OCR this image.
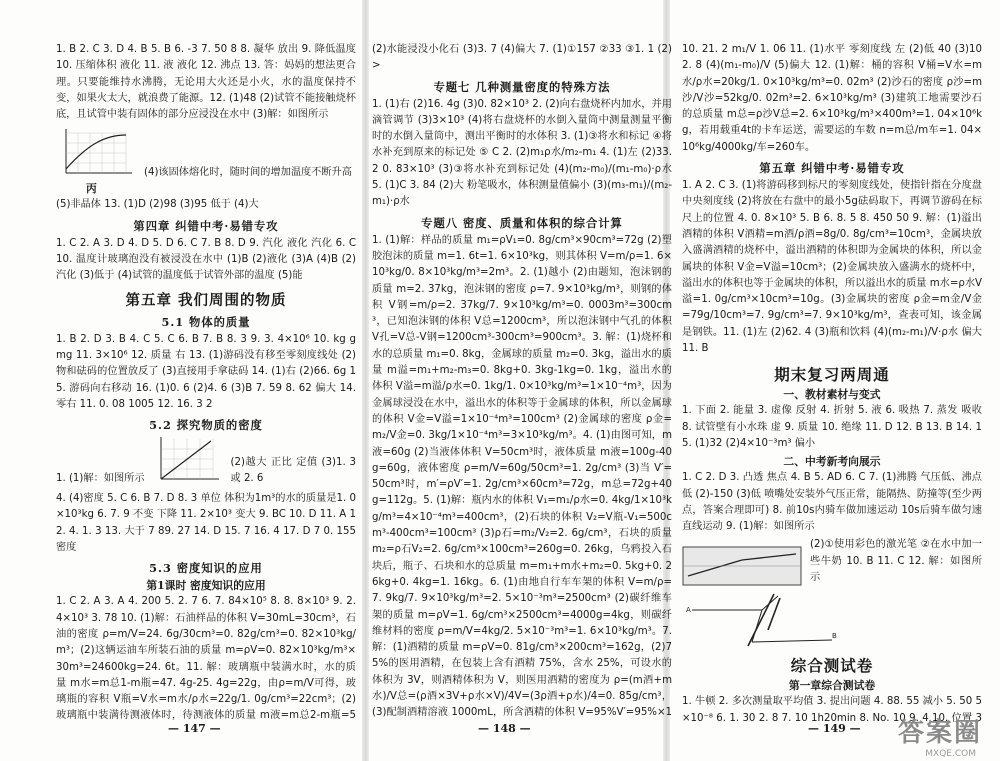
1. B 2. C 3. D 4. B 5. B 6. -3 7. 50 8 8. 凝华 放出 9. 降低温度 10. 压缩体积 液化 11. 液 液化 12. 沸点 13. 答：妈妈的想法更合理。只要能维持水沸腾，无论用大火还是小火，水的温度保持不变，如果火太大，就浪费了能源。12. (1)48 (2)试管不能接触烧杯底，且试管中装有固体的部分应浸没在水中 (3)解：如图所示

(4)该固体熔化时，随时间的增加温度不断升高
丙

(5)非晶体 13. (1)D (2)98 (3)95 低于 (4)大

第四章 纠错中考·易错专攻

1. C 2. A 3. D 4. D 5. D 6. C 7. B 8. D 9. 汽化 液化 汽化 6. C 10. 温度计玻璃泡没有被浸没在水中 (1)B (2)液化 (3)A (4)B (2)汽化 (3)低于 (4)试管的温度低于试管外部的温度 (5)能

第五章 我们周围的物质
5.1 物体的质量

1. B 2. D 3. B 4. C 5. C 6. B 7. B 8. 3 9. 3. 4×10⁶ 10. kg g mg 11. 3×10⁶ 12. 质量 右 13. (1)游码没有移至零刻度线处 (2)物和砝码的位置放反了 (3)直接用手拿砝码 14. (1)右 (2)66. 6g 15. 游码向右移动 16. (1)0. 6 (2)4. 6 (3)B 7. 59 8. 62 偏大 14. 零右 11. 0. 08 1005 12. 16. 3 2

5.2 探究物质的密度
1. (1)解：如图所示
(2)越大 正比 定值 (3)1. 3 或 2. 6

4. (4)密度 5. C 6. B 7. D 8. 3 单位 体积为1m³的水的质量是1. 0×10³kg 6. 7. 9 不变 下降 11. 2×10³ 变大 9. BC 10. D 11. A 12. 4. 1. 3 13. 大于 7 89. 27 14. D 15. 7 16. 4 17. D 7 0. 155 密度

5.3 密度知识的应用
第1课时 密度知识的应用

1. C 2. A 3. A 4. 200 5. 2. 7 6. 7. 84×10⁵ 8. 8. 8×10³ 9. 2. 4×10³ 3. 78 10. (1)解：石油样品的体积 V=30mL=30cm³，石油的密度 ρ=m/V=24. 6g/30cm³=0. 82g/cm³=0. 82×10³kg/m³；(2)这辆运油车所装石油的质量 m=ρV=0. 82×10³kg/m³×30m³=24600kg=24. 6t。11. 解：玻璃瓶中装满水时，水的质量 m水=m总1-m瓶=47. 4g-25. 4g=22g，由ρ=m/V可得，玻璃瓶的容积 V瓶=V水=m水/ρ水=22g/1. 0g/cm³=22cm³；(2)玻璃瓶中装满待测液体时，待测液体的质量 m液=m总2-m瓶=5

— 147 —

(2)水能浸没小化石 (3)3. 7 (4)偏大 7. (1)①157 ②33 ③1. 1 (2)>

专题七 几种测量密度的特殊方法

1. (1)右 (2)16. 4g (3)0. 82×10³ 2. (2)向右盘烧杯内加水，并用滴管调节 (3)3×10³ (4)将右盘烧杯的水倒入量筒中测量测量平衡时的水倒入量筒中，测出平衡时的水体积 3. (1)③将水和标记 ④将水补充到原来的标记处 ⑤ C 2. (2)m₁ρ水/m₂-m₁ 4. (1)左 (2)33. 2 0. 83×10³ (3)③将水补充到标记处 (4)(m₂-m₀)/(m₁-m₀)·ρ水 5. (1)C 3. 84 (2)大 粉笔吸水，体积测量值偏小 (3)(m₃-m₁)/(m₂-m₁)·ρ水

专题八 密度、质量和体积的综合计算

1. (1)解：样品的质量 m₁=ρV₁=0. 8g/cm³×90cm³=72g (2)塑胶泡沫的质量 m=1. 6t=1. 6×10³kg，则其体积 V=m/ρ=1. 6×10³kg/0. 8×10³kg/m³=2m³。2. (1)越小 (2)由题知，泡沫钢的质量 m=2. 37kg，泡沫钢的密度 ρ=7. 9×10³kg/m³，则钢的体积 V钢=m/ρ=2. 37kg/7. 9×10³kg/m³=0. 0003m³=300cm³，已知泡沫钢的体积 V总=1200cm³，所以泡沫钢中气孔的体积 V孔=V总-V钢=1200cm³-300cm³=900cm³。3. 解：(1)烧杯和水的总质量 m₁=0. 8kg，金属球的质量 m₂=0. 3kg，溢出水的质量 m溢=m₁+m₂-m₃=0. 8kg+0. 3kg-1kg=0. 1kg，溢出水的体积 V溢=m溢/ρ水=0. 1kg/1. 0×10³kg/m³=1×10⁻⁴m³，因为金属球浸没在水中，溢出水的体积等于金属球的体积，所以金属球的体积 V金=V溢=1×10⁻⁴m³=100cm³ (2)金属球的密度 ρ金=m₂/V金=0. 3kg/1×10⁻⁴m³=3×10³kg/m³。4. (1)由图可知，m液=60g (2)当液体体积 V=50cm³时，液体质量 m液=100g-40g=60g，液体密度 ρ=m/V=60g/50cm³=1. 2g/cm³ (3)当 V′=50cm³时，m′=ρV′=1. 2g/cm³×60cm³=72g，m总=72g+40g=112g。5. (1)解：瓶内水的体积 V₁=m₁/ρ水=0. 4kg/1×10³kg/m³=4×10⁻⁴m³=400cm³，(2)石块的体积 V₂=V瓶-V₁=500cm³-400cm³=100cm³ (3)ρ石=m₂/V₂=2. 6g/cm³，石块的质量 m₂=ρ石V₂=2. 6g/cm³×100cm³=260g=0. 26kg，乌鸦投入石块后，瓶子、石块和水的总质量 m=m₁+m水+m₂=0. 5kg+0. 26kg+0. 4kg=1. 16kg。6. (1)由地自行车车架的体积 V=m/ρ=7. 9kg/7. 9×10³kg/m³=2. 5×10⁻³m³=2500cm³ (2)碳纤维车架的质量 m=ρV=1. 6g/cm³×2500cm³=4000g=4kg，则碳纤维材料的密度 ρ=m/V=4kg/2. 5×10⁻³m³=1. 6×10³kg/m³。7. 解：(1)酒精的质量 m=ρV=0. 81g/cm³×200cm³=162g，(2)75%的医用酒精，在包装上含有酒精 75%，含水 25%，可设水的体积为 3V，则酒精体积为 V，则医用酒精的密度为 ρ=(m酒+m水)/V总=(ρ酒×3V+ρ水×V)/4V=(3ρ酒+ρ水)/4=0. 85g/cm³，(3)配制酒精溶液 1000mL，所含酒精的体积 V=95%V′=95%×1

— 148 —

10. 21. 2 m₁/V 1. 06 11. (1)水平 零刻度线 左 (2)低 40 (3)102. 8 (4)(m₁-m₀)/V (5)偏大 12. (1)解：桶的容积 V桶=V水=m水/ρ水=20kg/1. 0×10³kg/m³=0. 02m³ (2)沙石的密度 ρ沙=m沙/V沙=52kg/0. 02m³=2. 6×10³kg/m³ (3)建筑工地需要沙石的总质量 m总=ρ沙V总=2. 6×10³kg/m³×400m³=1. 04×10⁶kg，若用载重4t的卡车运送，需要运的车数 n=m总/m车=1. 04×10⁶kg/4000kg/车=260车。

第五章 纠错中考·易错专攻

1. A 2. C 3. (1)将游码移到标尺的零刻度线处，使指针指在分度盘中央刻度线 (2)将放在右盘中的最小5g砝码取下，再调节游码在标尺上的位置 4. 0. 8×10³ 5. B 6. 8. 5 8. 450 50 9. 解：(1)溢出酒精的体积 V酒精=m酒/ρ酒=8g/0. 8g/cm³=10cm³，金属块放入盛满酒精的烧杯中，溢出酒精的体积即为金属块的体积，所以金属块的体积 V金=V溢=10cm³；(2)金属块放入盛满水的烧杯中，溢出水的体积也等于金属块的体积，所以溢出水的质量 m水=ρ水V溢=1. 0g/cm³×10cm³=10g。(3)金属块的密度 ρ金=m金/V金=79g/10cm³=7. 9g/cm³=7. 9×10³kg/m³，查表可知，该金属是钢铁。11. (1)左 (2)62. 4 (3)瓶和饮料 (4)(m₂-m₁)/V·ρ水 偏大 11. B

期末复习两周通
一、教材素材与变式

1. 下面 2. 能量 3. 虚像 反射 4. 折射 5. 液 6. 吸热 7. 蒸发 吸收 8. 试管壁有小水珠 虚 9. 质量 10. 绝缘 11. D 12. B 13. B 14. 15. (1)32 (2)4×10⁻³m³ 偏小

二、中考新考向展示

1. C 2. D 3. 凸透 焦点 4. B 5. AD 6. C 7. (1)沸腾 气压低、沸点低 (2)-150 (3)低 喷嘴处安装外气压正常，能隔热、防撞等(至少两点，答案合理即可) 8. 前10s内骑车做加速运动 10s后骑车做匀速直线运动 9. (1)解：如图所示

(2)①使用彩色的激光笔 ②在水中加一些牛奶 10. B 11. C 12. 解：如图所示
A
B
综合测试卷
第一章综合测试卷

1. 牛顿 2. 多次测量取平均值 3. 提出问题 4. 88. 55 减小 5. 50 5×10⁻⁸ 6. 1. 30 2. 8 7. 10 1h20min 8. No. 10 9. 4 10. 位置 3

— 149 — 答案圈
MXQE.COM
